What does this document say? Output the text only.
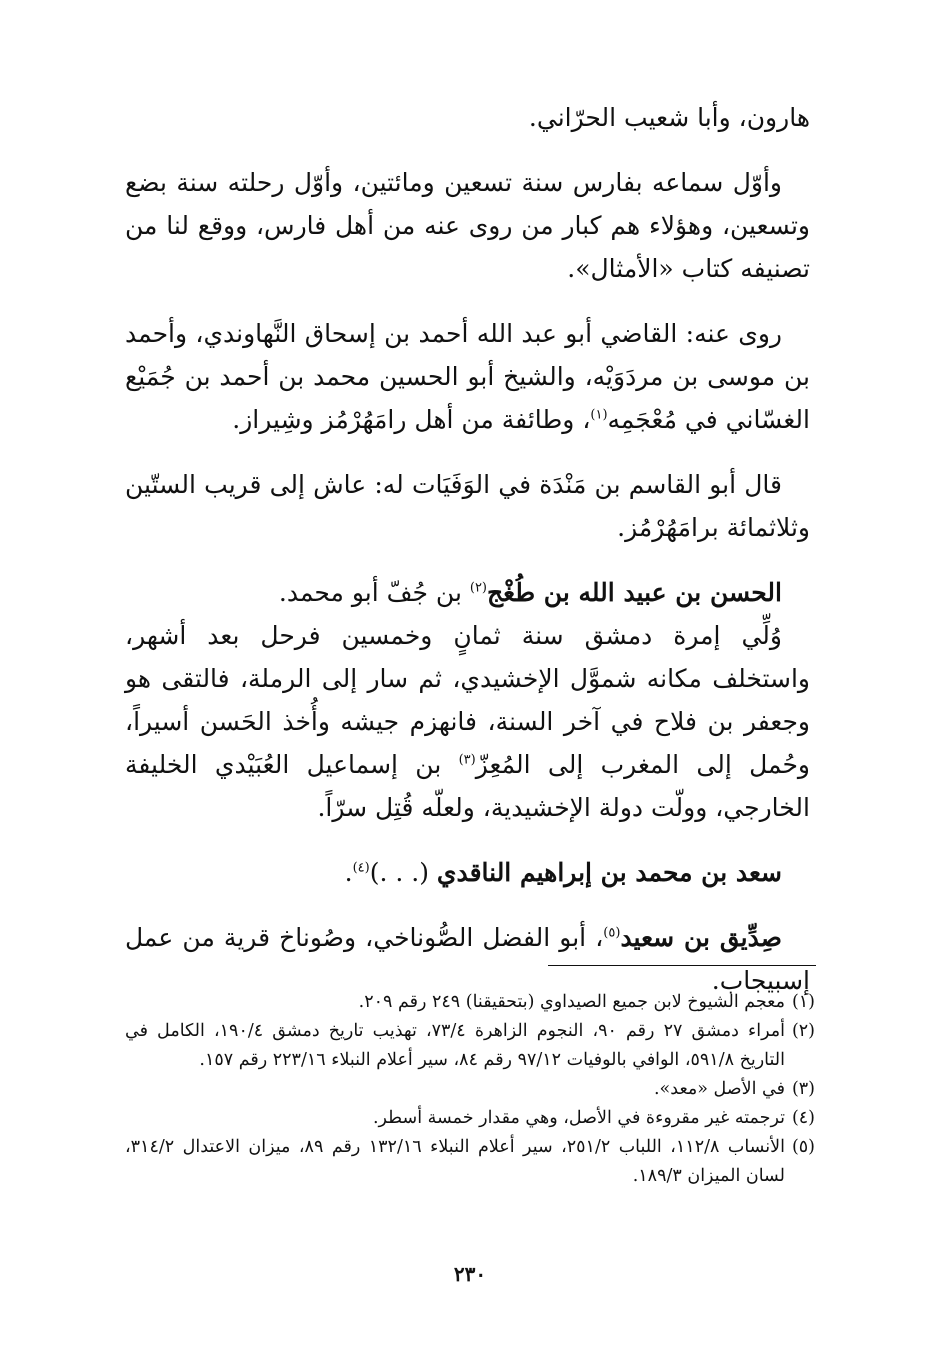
هارون، وأبا شعيب الحرّاني.

وأوّل سماعه بفارس سنة تسعين ومائتين، وأوّل رحلته سنة بضع وتسعين، وهؤلاء هم كبار من روى عنه من أهل فارس، ووقع لنا من تصنيفه كتاب «الأمثال».

روى عنه: القاضي أبو عبد الله أحمد بن إسحاق النَّهاوندي، وأحمد بن موسى بن مردَوَيْه، والشيخ أبو الحسين محمد بن أحمد بن جُمَيْع الغسّاني في مُعْجَمِه$^{(١)}$، وطائفة من أهل رامَهُرْمُز وشِيراز.

قال أبو القاسم بن مَنْدَة في الوَفَيَات له: عاش إلى قريب الستّين وثلاثمائة برامَهُرْمُز.

الحسن بن عبيد الله بن طُغْج$^{(٢)}$ بن جُفّ أبو محمد.

وُلِّي إمرة دمشق سنة ثمانٍ وخمسين فرحل بعد أشهر، واستخلف مكانه شموَّل الإخشيدي، ثم سار إلى الرملة، فالتقى هو وجعفر بن فلاح في آخر السنة، فانهزم جيشه وأُخذ الحَسن أسيراً، وحُمل إلى المغرب إلى المُعِزّ$^{(٣)}$ بن إسماعيل العُبَيْدي الخليفة الخارجي، وولّت دولة الإخشيدية، ولعلّه قُتِل سرّاً.

سعد بن محمد بن إبراهيم الناقدي (. . .)$^{(٤)}$.

صِدِّيق بن سعيد$^{(٥)}$، أبو الفضل الصُّوناخي، وصُوناخ قرية من عمل إسبيجاب.

(١)
معجم الشيوخ لابن جميع الصيداوي (بتحقيقنا) ٢٤٩ رقم ٢٠٩.
(٢)
أمراء دمشق ٢٧ رقم ٩٠، النجوم الزاهرة ٧٣/٤، تهذيب تاريخ دمشق ١٩٠/٤، الكامل في التاريخ ٥٩١/٨، الوافي بالوفيات ٩٧/١٢ رقم ٨٤، سير أعلام النبلاء ٢٢٣/١٦ رقم ١٥٧.
(٣)
في الأصل «معد».
(٤)
ترجمته غير مقروءة في الأصل، وهي مقدار خمسة أسطر.
(٥)
الأنساب ١١٢/٨، اللباب ٢٥١/٢، سير أعلام النبلاء ١٣٢/١٦ رقم ٨٩، ميزان الاعتدال ٣١٤/٢، لسان الميزان ١٨٩/٣.
٢٣٠
